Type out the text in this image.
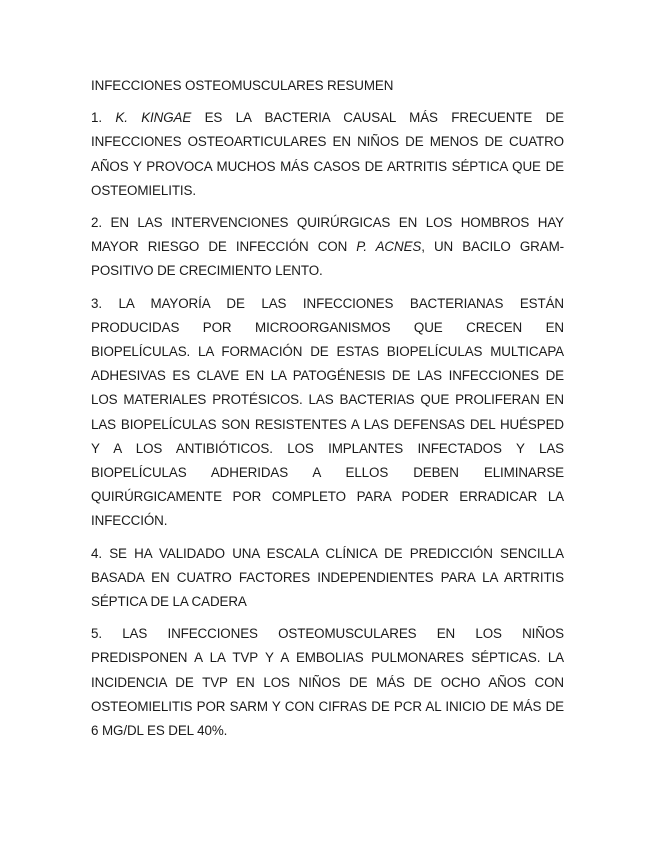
INFECCIONES OSTEOMUSCULARES RESUMEN

1. K. KINGAE ES LA BACTERIA CAUSAL MÁS FRECUENTE DE INFECCIONES OSTEOARTICULARES EN NIÑOS DE MENOS DE CUATRO AÑOS Y PROVOCA MUCHOS MÁS CASOS DE ARTRITIS SÉPTICA QUE DE OSTEOMIELITIS.

2. EN LAS INTERVENCIONES QUIRÚRGICAS EN LOS HOMBROS HAY MAYOR RIESGO DE INFECCIÓN CON P. ACNES, UN BACILO GRAM-POSITIVO DE CRECIMIENTO LENTO.

3. LA MAYORÍA DE LAS INFECCIONES BACTERIANAS ESTÁN PRODUCIDAS POR MICROORGANISMOS QUE CRECEN EN BIOPELÍCULAS. LA FORMACIÓN DE ESTAS BIOPELÍCULAS MULTICAPA ADHESIVAS ES CLAVE EN LA PATOGÉNESIS DE LAS INFECCIONES DE LOS MATERIALES PROTÉSICOS. LAS BACTERIAS QUE PROLIFERAN EN LAS BIOPELÍCULAS SON RESISTENTES A LAS DEFENSAS DEL HUÉSPED Y A LOS ANTIBIÓTICOS. LOS IMPLANTES INFECTADOS Y LAS BIOPELÍCULAS ADHERIDAS A ELLOS DEBEN ELIMINARSE QUIRÚRGICAMENTE POR COMPLETO PARA PODER ERRADICAR LA INFECCIÓN.

4. SE HA VALIDADO UNA ESCALA CLÍNICA DE PREDICCIÓN SENCILLA BASADA EN CUATRO FACTORES INDEPENDIENTES PARA LA ARTRITIS SÉPTICA DE LA CADERA

5. LAS INFECCIONES OSTEOMUSCULARES EN LOS NIÑOS PREDISPONEN A LA TVP Y A EMBOLIAS PULMONARES SÉPTICAS. LA INCIDENCIA DE TVP EN LOS NIÑOS DE MÁS DE OCHO AÑOS CON OSTEOMIELITIS POR SARM Y CON CIFRAS DE PCR AL INICIO DE MÁS DE 6 MG/DL ES DEL 40%.
